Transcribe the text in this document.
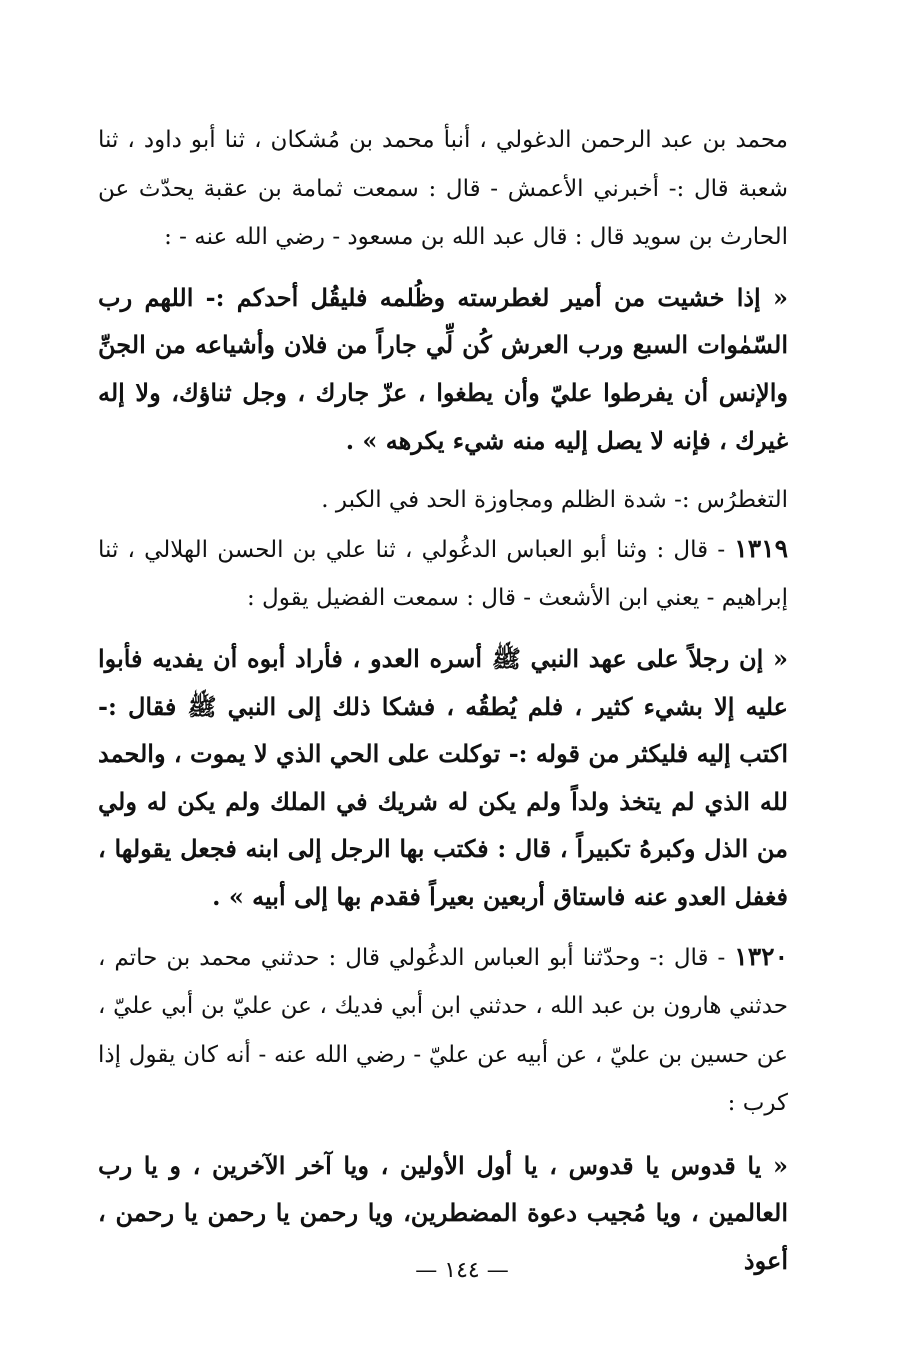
محمد بن عبد الرحمن الدغولي ، أنبأ محمد بن مُشكان ، ثنا أبو داود ، ثنا شعبة قال :- أخبرني الأعمش - قال : سمعت ثمامة بن عقبة يحدّث عن الحارث بن سويد قال : قال عبد الله بن مسعود - رضي الله عنه - :

« إذا خشيت من أمير لغطرسته وظُلمه فليقُل أحدكم :- اللهم رب السّمٰوات السبع ورب العرش كُن لِّي جاراً من فلان وأشياعه من الجنِّ والإنس أن يفرطوا عليّ وأن يطغوا ، عزّ جارك ، وجل ثناؤك، ولا إله غيرك ، فإنه لا يصل إليه منه شيء يكرهه » .

التغطرُس :- شدة الظلم ومجاوزة الحد في الكبر .

١٣١٩ - قال : وثنا أبو العباس الدغُولي ، ثنا علي بن الحسن الهلالي ، ثنا إبراهيم - يعني ابن الأشعث - قال : سمعت الفضيل يقول :

« إن رجلاً على عهد النبي ﷺ أسره العدو ، فأراد أبوه أن يفديه فأبوا عليه إلا بشيء كثير ، فلم يُطقُه ، فشكا ذلك إلى النبي ﷺ فقال :- اكتب إليه فليكثر من قوله :- توكلت على الحي الذي لا يموت ، والحمد لله الذي لم يتخذ ولداً ولم يكن له شريك في الملك ولم يكن له ولي من الذل وكبرهُ تكبيراً ، قال : فكتب بها الرجل إلى ابنه فجعل يقولها ، فغفل العدو عنه فاستاق أربعين بعيراً فقدم بها إلى أبيه » .

١٣٢٠ - قال :- وحدّثنا أبو العباس الدغُولي قال : حدثني محمد بن حاتم ، حدثني هارون بن عبد الله ، حدثني ابن أبي فديك ، عن عليّ بن أبي عليّ ، عن حسين بن عليّ ، عن أبيه عن عليّ - رضي الله عنه - أنه كان يقول إذا كرب :

« يا قدوس يا قدوس ، يا أول الأولين ، ويا آخر الآخرين ، و يا رب العالمين ، ويا مُجيب دعوة المضطرين، ويا رحمن يا رحمن يا رحمن ، أعوذ

— ١٤٤ —
